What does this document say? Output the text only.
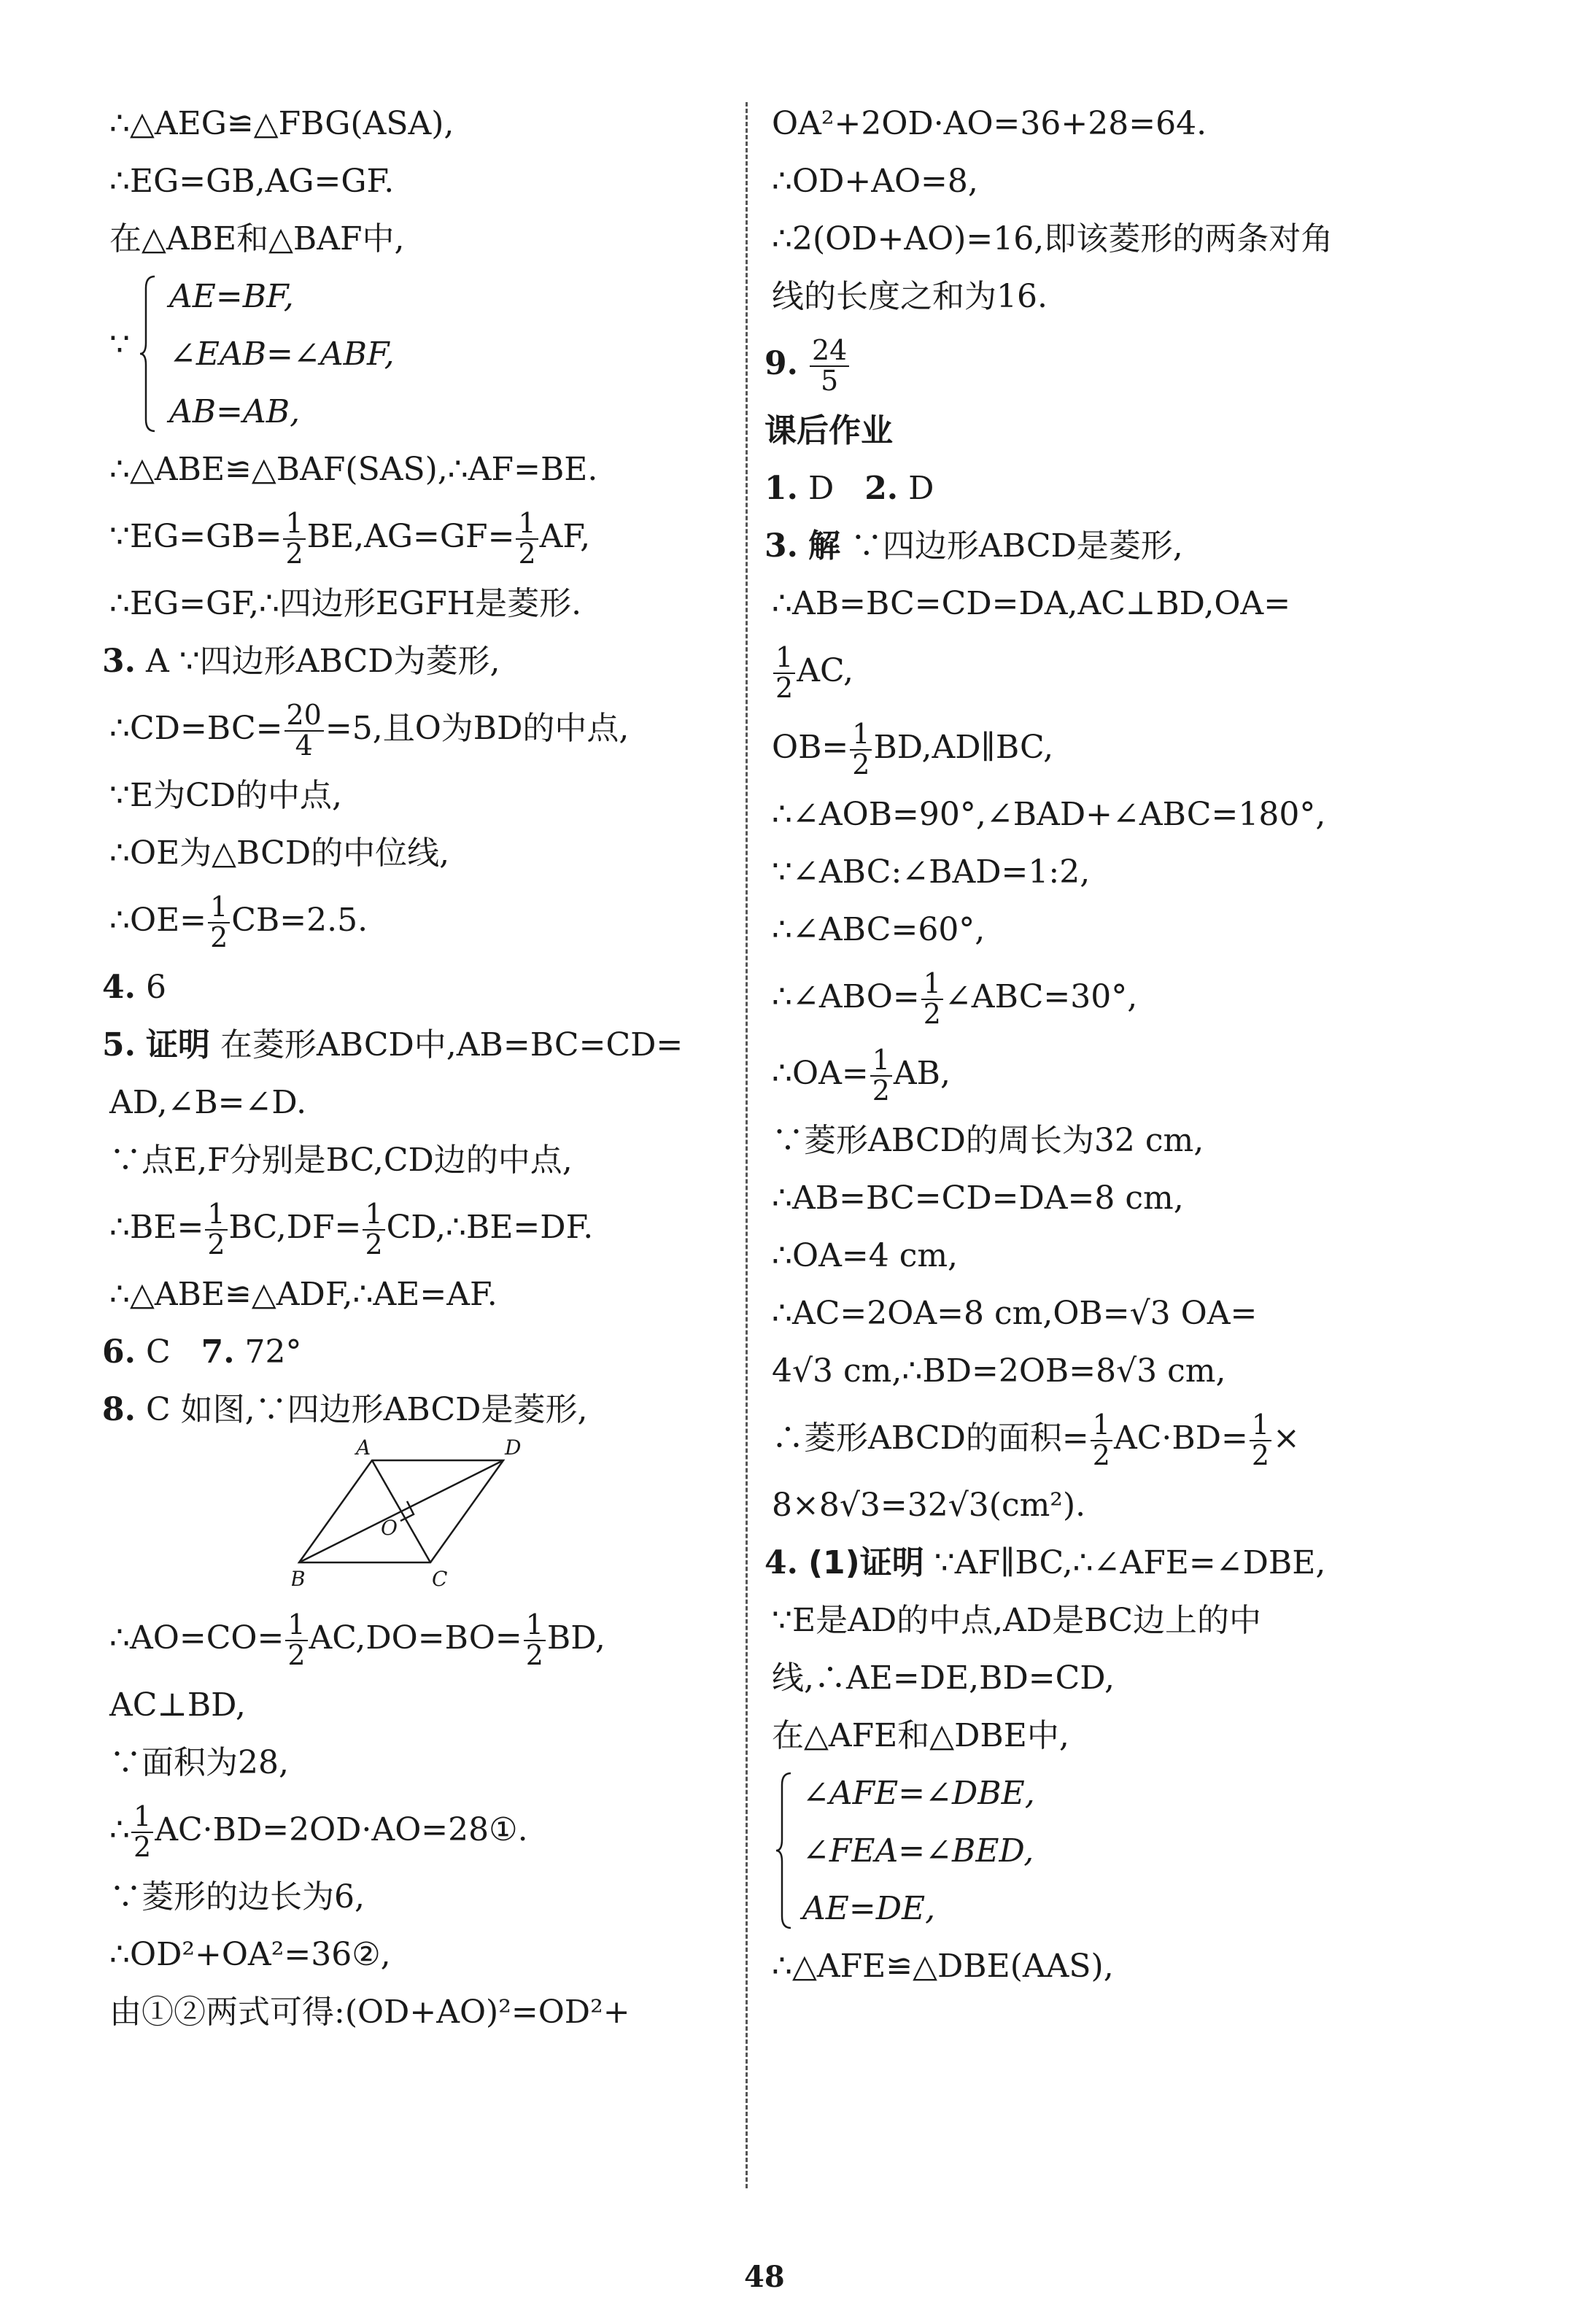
∴△AEG≌△FBG(ASA),
∴EG=GB,AG=GF.
在△ABE和△BAF中,
∵
AE=BF,
∠EAB=∠ABF,
AB=AB,
∴△ABE≌△BAF(SAS),∴AF=BE.
∵EG=GB= $\frac{1}{2} BE,AG=GF= \frac{1}{2}$ AF,
∴EG=GF,∴四边形EGFH是菱形.
3. A ∵四边形ABCD为菱形,
∴CD=BC= $\frac{20}{4} =5$,且O为BD的中点,
∵E为CD的中点,
∴OE为△BCD的中位线,
∴OE= $\frac{1}{2} CB=2.5$.
4. 6
5. 证明 在菱形ABCD中,AB=BC=CD=
AD,∠B=∠D.
∵点E,F分别是BC,CD边的中点,
∴BE= $\frac{1}{2} BC,DF= \frac{1}{2}$ CD,∴BE=DF.
∴△ABE≌△ADF,∴AE=AF.
6. C 7. 72°
8. C 如图,∵四边形ABCD是菱形,
A	D
B	C
O
∴AO=CO= $\frac{1}{2} AC,DO=BO= \frac{1}{2}$ BD,
AC⊥BD,
∵面积为28,
∴ $\frac{1}{2}$ AC·BD=2OD·AO=28①.
∵菱形的边长为6,
∴OD²+OA²=36②,
由①②两式可得:(OD+AO)²=OD²+
OA²+2OD·AO=36+28=64.
∴OD+AO=8,
∴2(OD+AO)=16,即该菱形的两条对角
线的长度之和为16.
9. $\frac{24}{5}$
课后作业
1. D 2. D
3. 解 ∵四边形ABCD是菱形,
∴AB=BC=CD=DA,AC⊥BD,OA=
$\frac{1}{2}$ AC,
$OB= \frac{1}{2}$ BD,AD∥BC,
∴∠AOB=90°,∠BAD+∠ABC=180°,
∵∠ABC:∠BAD=1:2,
∴∠ABC=60°,
∴∠ABO= $\frac{1}{2}$ ∠ABC=30°,
∴OA= $\frac{1}{2}$ AB,
∵菱形ABCD的周长为32 cm,
∴AB=BC=CD=DA=8 cm,
∴OA=4 cm,
∴AC=2OA=8 cm,OB=√3 OA=
4√3 cm,∴BD=2OB=8√3 cm,
∴菱形ABCD的面积= $\frac{1}{2} AC\cdot BD= \frac{1}{2}$ ×
8×8√3=32√3(cm²).
4. (1)证明 ∵AF∥BC,∴∠AFE=∠DBE,
∵E是AD的中点,AD是BC边上的中
线,∴AE=DE,BD=CD,
在△AFE和△DBE中,
∠AFE=∠DBE,
∠FEA=∠BED,
AE=DE,
∴△AFE≌△DBE(AAS),
48
